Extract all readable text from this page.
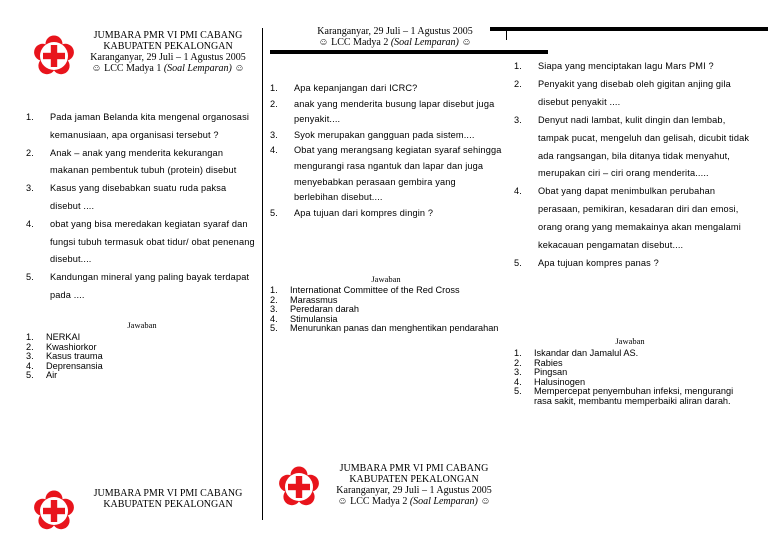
JUMBARA PMR VI PMI CABANG
KABUPATEN PEKALONGAN
Karanganyar, 29 Juli – 1 Agustus 2005
☺ LCC Madya 1 (Soal Lemparan) ☺
1. Pada jaman Belanda kita mengenal organosasi kemanusiaan, apa organisasi tersebut ?
2. Anak – anak yang menderita kekurangan makanan pembentuk tubuh (protein) disebut
3. Kasus yang disebabkan suatu ruda paksa disebut ....
4. obat yang bisa meredakan kegiatan syaraf dan fungsi tubuh termasuk obat tidur/ obat penenang disebut....
5. Kandungan mineral yang paling bayak terdapat pada ....
Jawaban
1. NERKAI
2. Kwashiorkor
3. Kasus trauma
4. Deprensansia
5. Air
JUMBARA PMR VI PMI CABANG
KABUPATEN PEKALONGAN
Karanganyar, 29 Juli – 1 Agustus 2005
☺ LCC Madya 2 (Soal Lemparan) ☺
1. Apa kepanjangan dari ICRC?
2. anak yang menderita busung lapar disebut juga penyakit....
3. Syok merupakan gangguan pada sistem....
4. Obat yang merangsang kegiatan syaraf sehingga mengurangi rasa ngantuk dan lapar dan juga menyebabkan perasaan gembira yang berlebihan disebut....
5. Apa tujuan dari kompres dingin ?
Jawaban
1. Internationat Committee of the Red Cross
2. Marassmus
3. Peredaran darah
4. Stimulansia
5. Menurunkan panas dan menghentikan pendarahan
JUMBARA PMR VI PMI CABANG
KABUPATEN PEKALONGAN
Karanganyar, 29 Juli – 1 Agustus 2005
☺ LCC Madya 2 (Soal Lemparan) ☺
1. Siapa yang menciptakan lagu Mars PMI ?
2. Penyakit yang disebab oleh gigitan anjing gila disebut penyakit ....
3. Denyut nadi lambat, kulit dingin dan lembab, tampak pucat, mengeluh dan gelisah, dicubit tidak ada rangsangan, bila ditanya tidak menyahut, merupakan ciri – ciri orang menderita.....
4. Obat yang dapat menimbulkan perubahan perasaan, pemikiran, kesadaran diri dan emosi, orang orang yang memakainya akan mengalami kekacauan pengamatan disebut....
5. Apa tujuan kompres panas ?
Jawaban
1. Iskandar dan Jamalul AS.
2. Rabies
3. Pingsan
4. Halusinogen
5. Mempercepat penyembuhan infeksi, mengurangi rasa sakit, membantu memperbaiki aliran darah.
